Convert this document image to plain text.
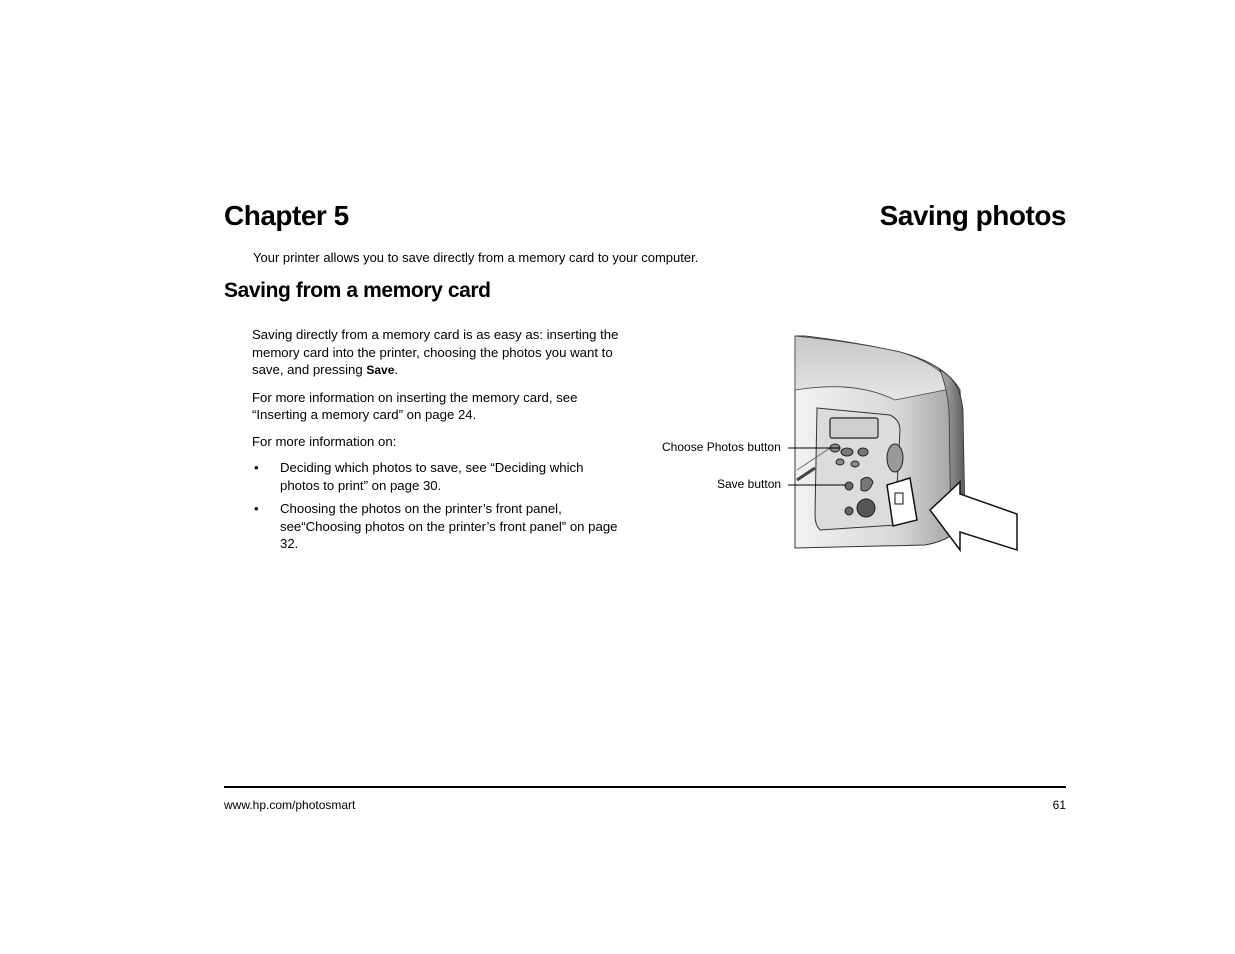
Chapter 5	Saving photos
Your printer allows you to save directly from a memory card to your computer.
Saving from a memory card

Saving directly from a memory card is as easy as: inserting the memory card into the printer, choosing the photos you want to save, and pressing Save.

For more information on inserting the memory card, see “Inserting a memory card” on page 24.

For more information on:

• Deciding which photos to save, see “Deciding which photos to print” on page 30.
• Choosing the photos on the printer’s front panel, see“Choosing photos on the printer’s front panel” on page 32.
Choose Photos button
Save button
www.hp.com/photosmart	61
